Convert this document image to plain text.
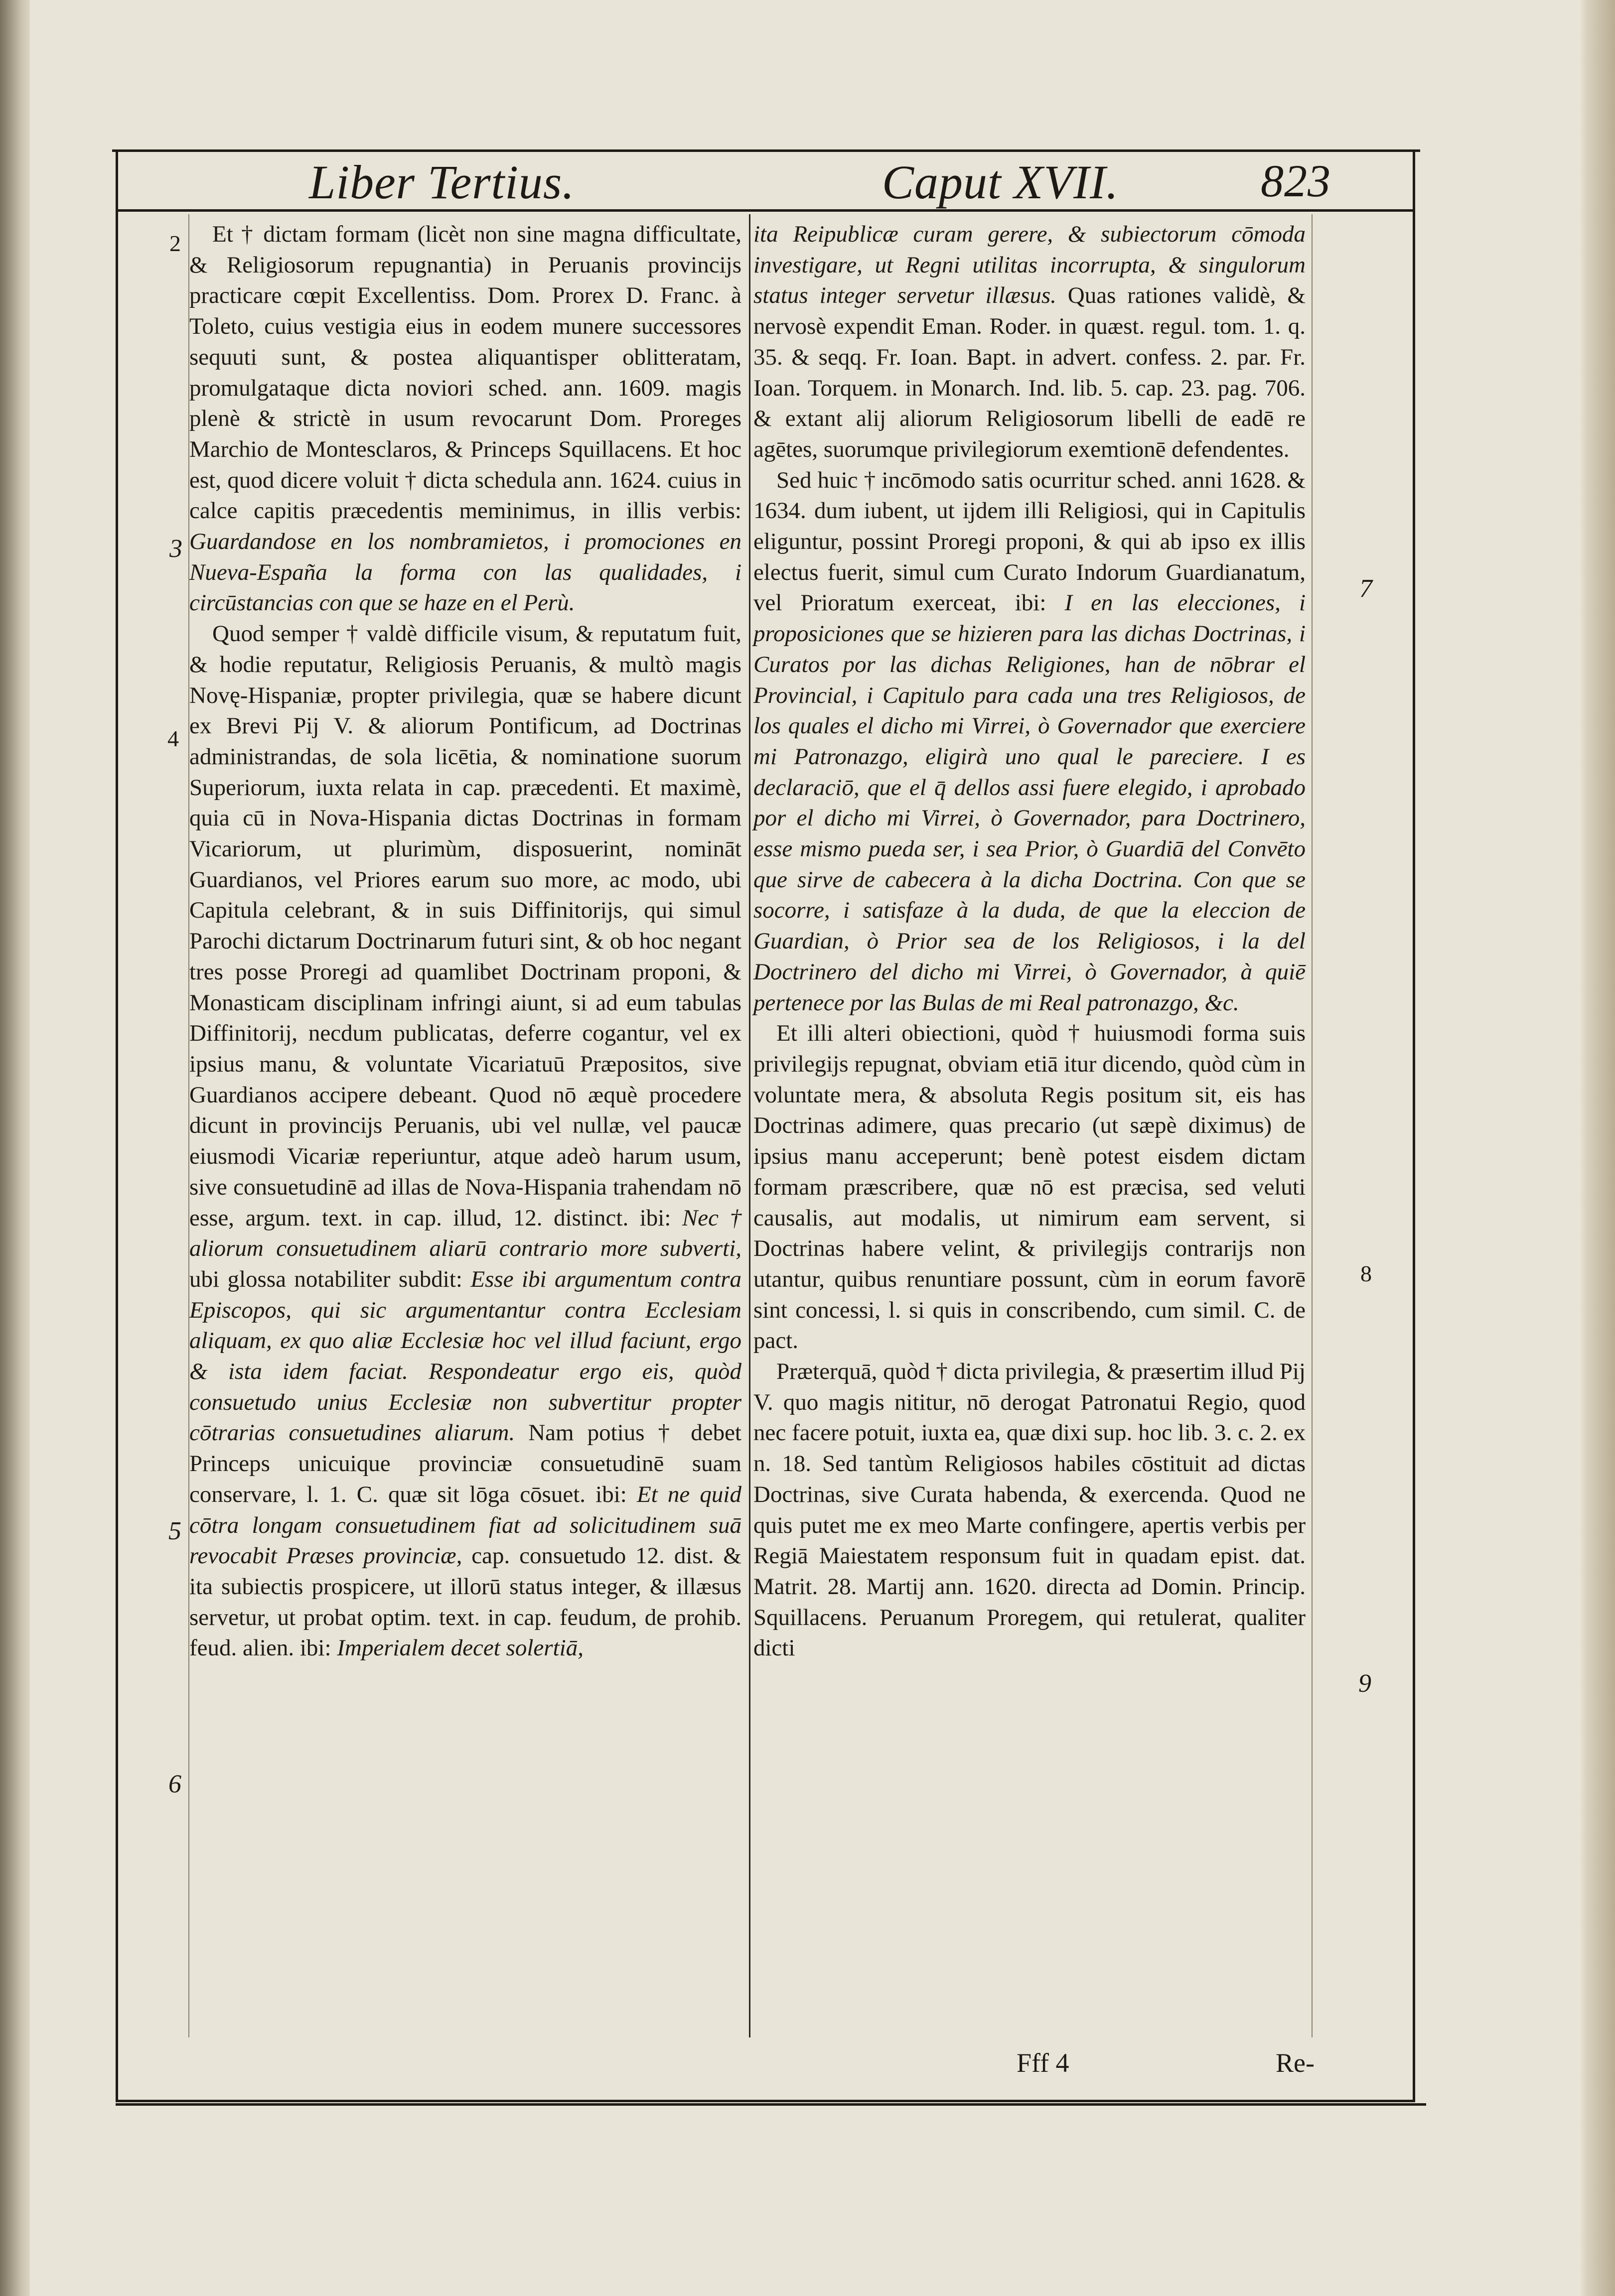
Liber Tertius.	Caput XVII.	823
2
3
4
5
6
7
8
9

Et † dictam formam (licèt non sine magna difficultate, & Religiosorum repugnantia) in Peruanis provincijs practicare cœpit Excellentiss. Dom. Prorex D. Franc. à Toleto, cuius vestigia eius in eodem munere successores sequuti sunt, & postea aliquantisper oblitteratam, promulgataque dicta noviori sched. ann. 1609. magis plenè & strictè in usum revocarunt Dom. Proreges Marchio de Montesclaros, & Princeps Squillacens. Et hoc est, quod dicere voluit † dicta schedula ann. 1624. cuius in calce capitis præcedentis meminimus, in illis verbis: Guardandose en los nombramietos, i promociones en Nueva-España la forma con las qualidades, i circūstancias con que se haze en el Perù.

Quod semper † valdè difficile visum, & reputatum fuit, & hodie reputatur, Religiosis Peruanis, & multò magis Novę-Hispaniæ, propter privilegia, quæ se habere dicunt ex Brevi Pij V. & aliorum Pontificum, ad Doctrinas administrandas, de sola licētia, & nominatione suorum Superiorum, iuxta relata in cap. præcedenti. Et maximè, quia cū in Nova-Hispania dictas Doctrinas in formam Vicariorum, ut plurimùm, disposuerint, nomināt Guardianos, vel Priores earum suo more, ac modo, ubi Capitula celebrant, & in suis Diffinitorijs, qui simul Parochi dictarum Doctrinarum futuri sint, & ob hoc negant tres posse Proregi ad quamlibet Doctrinam proponi, & Monasticam disciplinam infringi aiunt, si ad eum tabulas Diffinitorij, necdum publicatas, deferre cogantur, vel ex ipsius manu, & voluntate Vicariatuū Præpositos, sive Guardianos accipere debeant. Quod nō æquè procedere dicunt in provincijs Peruanis, ubi vel nullæ, vel paucæ eiusmodi Vicariæ reperiuntur, atque adeò harum usum, sive consuetudinē ad illas de Nova-Hispania trahendam nō esse, argum. text. in cap. illud, 12. distinct. ibi: Nec † aliorum consuetudinem aliarū contrario more subverti, ubi glossa notabiliter subdit: Esse ibi argumentum contra Episcopos, qui sic argumentantur contra Ecclesiam aliquam, ex quo aliæ Ecclesiæ hoc vel illud faciunt, ergo & ista idem faciat. Respondeatur ergo eis, quòd consuetudo unius Ecclesiæ non subvertitur propter cōtrarias consuetudines aliarum. Nam potius † debet Princeps unicuique provinciæ consuetudinē suam conservare, l. 1. C. quæ sit lōga cōsuet. ibi: Et ne quid cōtra longam consuetudinem fiat ad solicitudinem suā revocabit Præses provinciæ, cap. consuetudo 12. dist. & ita subiectis prospicere, ut illorū status integer, & illæsus servetur, ut probat optim. text. in cap. feudum, de prohib. feud. alien. ibi: Imperialem decet solertiā,

ita Reipublicæ curam gerere, & subiectorum cōmoda investigare, ut Regni utilitas incorrupta, & singulorum status integer servetur illæsus. Quas rationes validè, & nervosè expendit Eman. Roder. in quæst. regul. tom. 1. q. 35. & seqq. Fr. Ioan. Bapt. in advert. confess. 2. par. Fr. Ioan. Torquem. in Monarch. Ind. lib. 5. cap. 23. pag. 706. & extant alij aliorum Religiosorum libelli de eadē re agētes, suorumque privilegiorum exemtionē defendentes.

Sed huic † incōmodo satis ocurritur sched. anni 1628. & 1634. dum iubent, ut ijdem illi Religiosi, qui in Capitulis eliguntur, possint Proregi proponi, & qui ab ipso ex illis electus fuerit, simul cum Curato Indorum Guardianatum, vel Prioratum exerceat, ibi: I en las elecciones, i proposiciones que se hizieren para las dichas Doctrinas, i Curatos por las dichas Religiones, han de nōbrar el Provincial, i Capitulo para cada una tres Religiosos, de los quales el dicho mi Virrei, ò Governador que exerciere mi Patronazgo, eligirà uno qual le pareciere. I es declaraciō, que el q̄ dellos assi fuere elegido, i aprobado por el dicho mi Virrei, ò Governador, para Doctrinero, esse mismo pueda ser, i sea Prior, ò Guardiā del Convēto que sirve de cabecera à la dicha Doctrina. Con que se socorre, i satisfaze à la duda, de que la eleccion de Guardian, ò Prior sea de los Religiosos, i la del Doctrinero del dicho mi Virrei, ò Governador, à quiē pertenece por las Bulas de mi Real patronazgo, &c.

Et illi alteri obiectioni, quòd † huiusmodi forma suis privilegijs repugnat, obviam etiā itur dicendo, quòd cùm in voluntate mera, & absoluta Regis positum sit, eis has Doctrinas adimere, quas precario (ut sæpè diximus) de ipsius manu acceperunt; benè potest eisdem dictam formam præscribere, quæ nō est præcisa, sed veluti causalis, aut modalis, ut nimirum eam servent, si Doctrinas habere velint, & privilegijs contrarijs non utantur, quibus renuntiare possunt, cùm in eorum favorē sint concessi, l. si quis in conscribendo, cum simil. C. de pact.

Præterquā, quòd † dicta privilegia, & præsertim illud Pij V. quo magis nititur, nō derogat Patronatui Regio, quod nec facere potuit, iuxta ea, quæ dixi sup. hoc lib. 3. c. 2. ex n. 18. Sed tantùm Religiosos habiles cōstituit ad dictas Doctrinas, sive Curata habenda, & exercenda. Quod ne quis putet me ex meo Marte confingere, apertis verbis per Regiā Maiestatem responsum fuit in quadam epist. dat. Matrit. 28. Martij ann. 1620. directa ad Domin. Princip. Squillacens. Peruanum Proregem, qui retulerat, qualiter dicti

Fff 4	Re-
